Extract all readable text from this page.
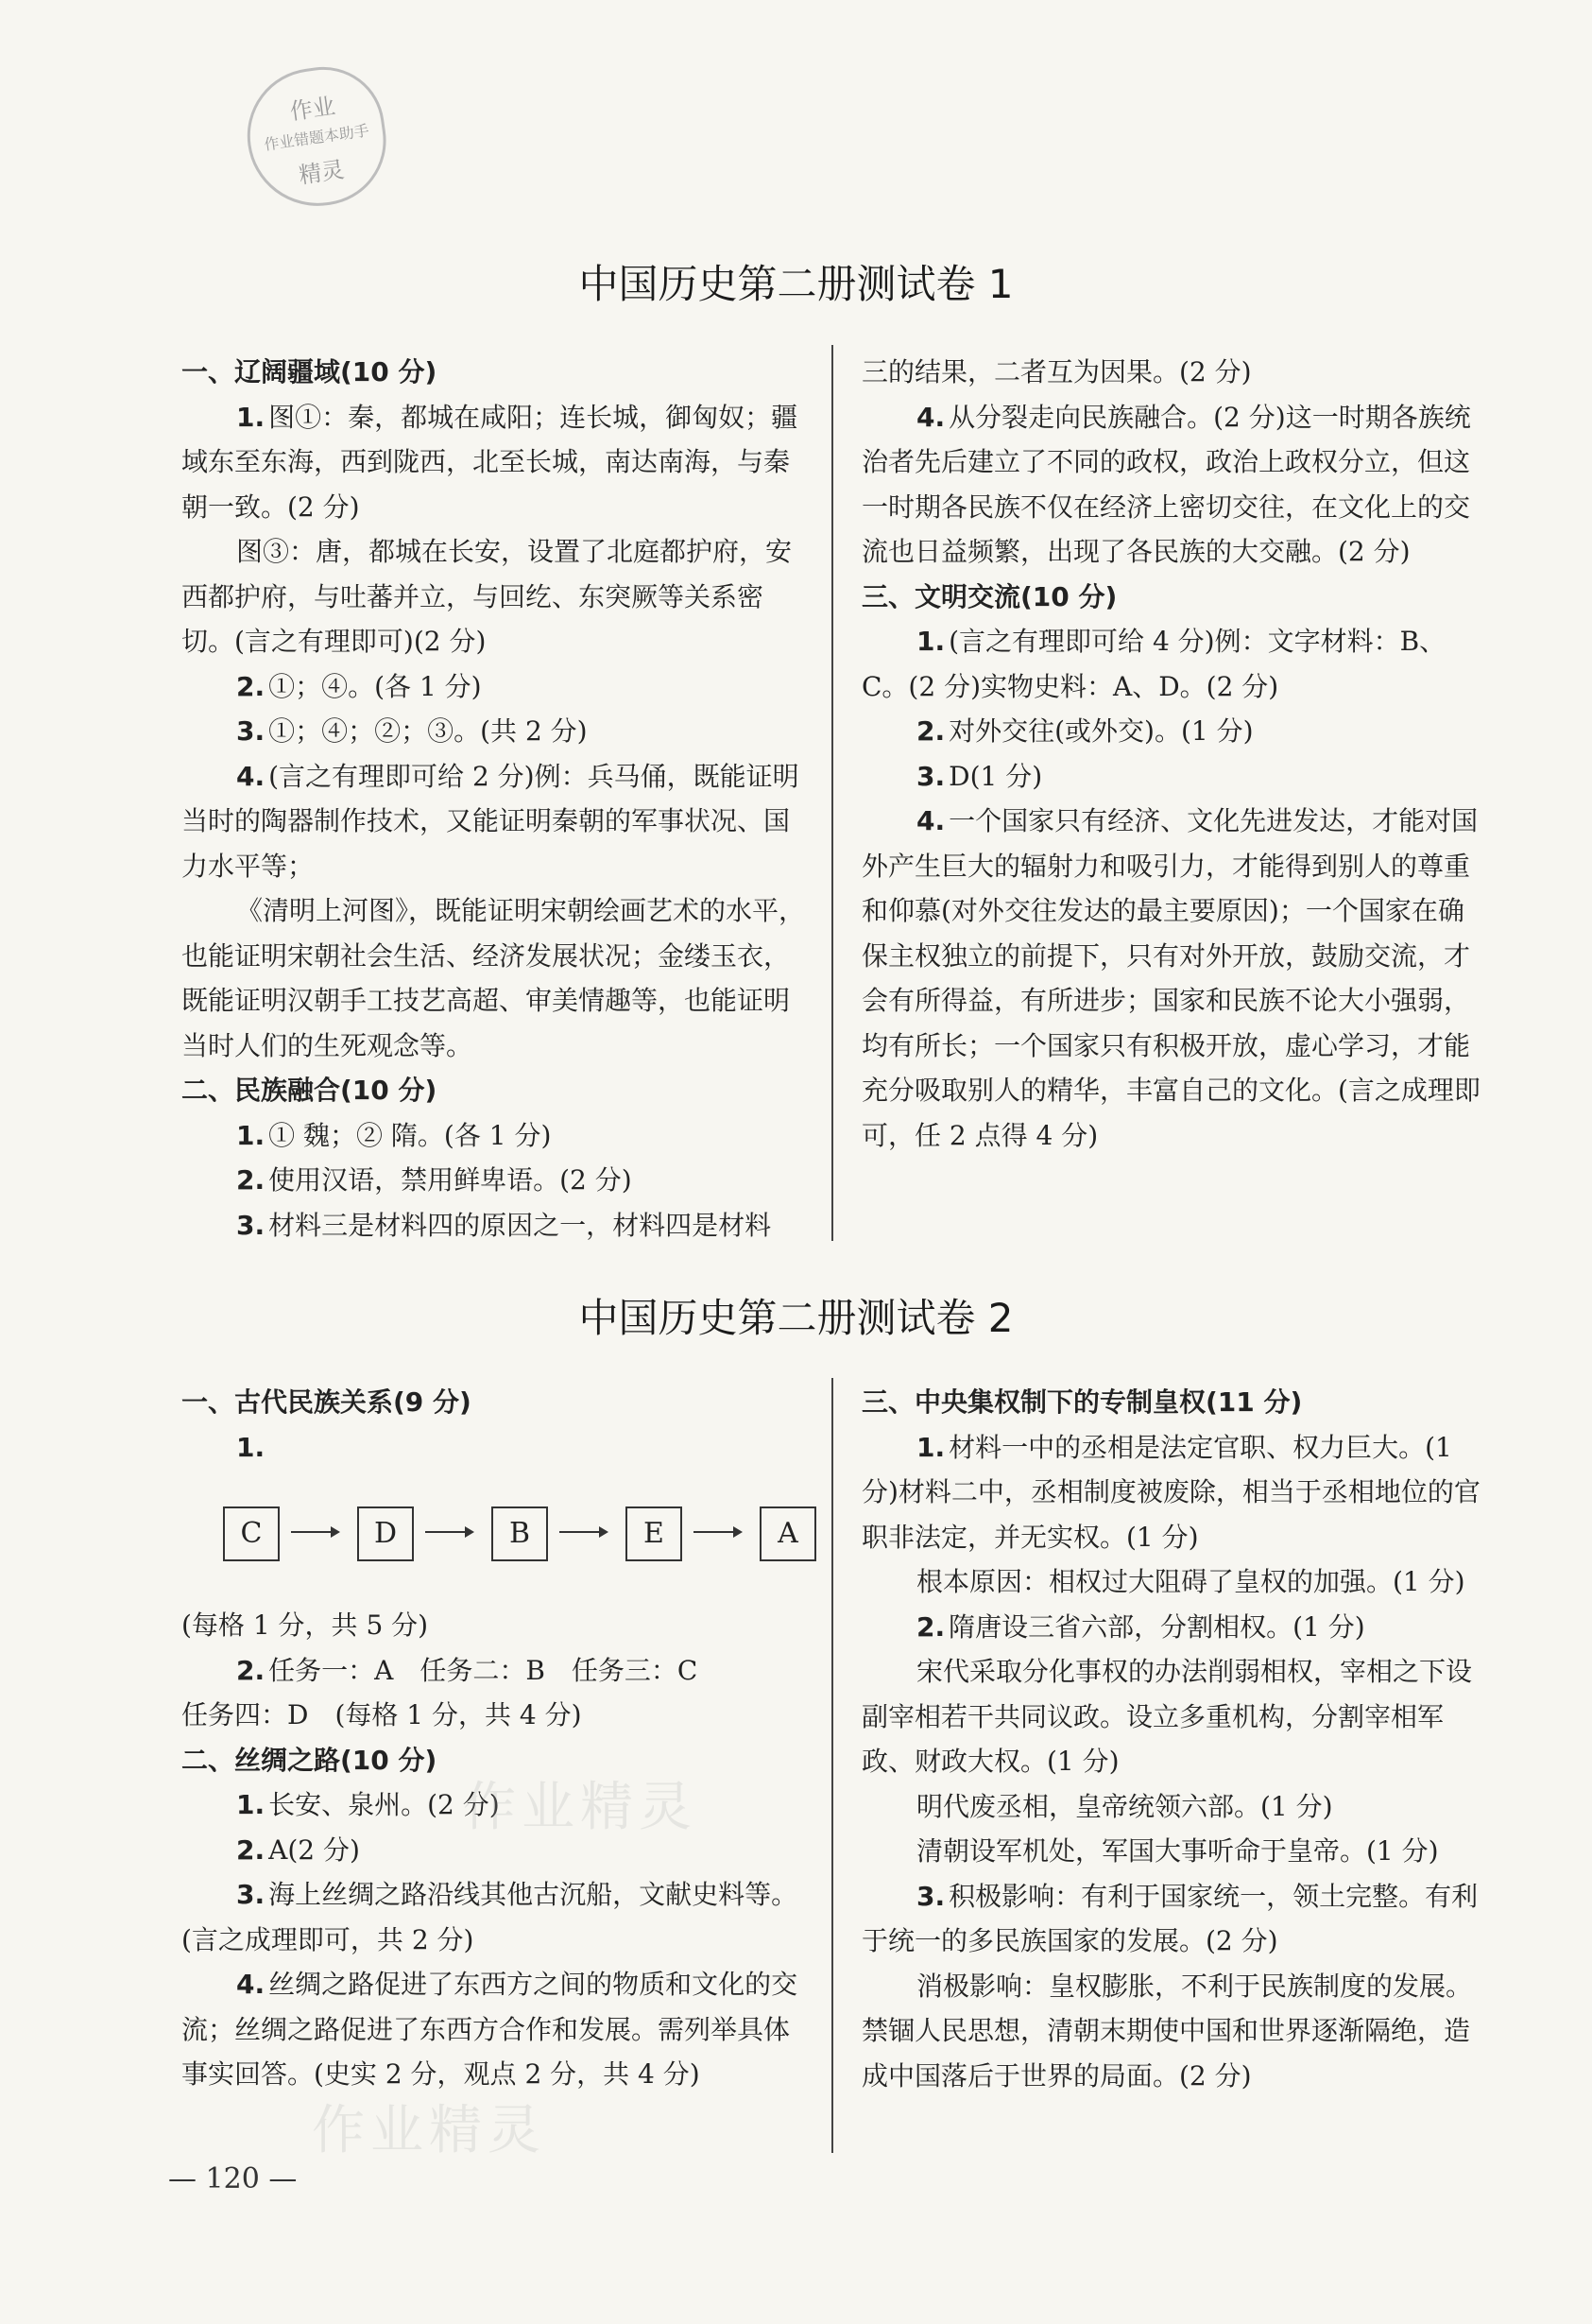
作业
作业错题本助手
精灵
中国历史第二册测试卷 1

一、辽阔疆域(10 分)

1. 图①：秦，都城在咸阳；连长城，御匈奴；疆域东至东海，西到陇西，北至长城，南达南海，与秦朝一致。(2 分)

图③：唐，都城在长安，设置了北庭都护府，安西都护府，与吐蕃并立，与回纥、东突厥等关系密切。(言之有理即可)(2 分)

2. ①；④。(各 1 分)

3. ①；④；②；③。(共 2 分)

4. (言之有理即可给 2 分)例：兵马俑，既能证明当时的陶器制作技术，又能证明秦朝的军事状况、国力水平等；

《清明上河图》，既能证明宋朝绘画艺术的水平，也能证明宋朝社会生活、经济发展状况；金缕玉衣，既能证明汉朝手工技艺高超、审美情趣等，也能证明当时人们的生死观念等。

二、民族融合(10 分)

1. ① 魏；② 隋。(各 1 分)

2. 使用汉语，禁用鲜卑语。(2 分)

3. 材料三是材料四的原因之一，材料四是材料

三的结果，二者互为因果。(2 分)

4. 从分裂走向民族融合。(2 分)这一时期各族统治者先后建立了不同的政权，政治上政权分立，但这一时期各民族不仅在经济上密切交往，在文化上的交流也日益频繁，出现了各民族的大交融。(2 分)

三、文明交流(10 分)

1. (言之有理即可给 4 分)例：文字材料：B、C。(2 分)实物史料：A、D。(2 分)

2. 对外交往(或外交)。(1 分)

3. D(1 分)

4. 一个国家只有经济、文化先进发达，才能对国外产生巨大的辐射力和吸引力，才能得到别人的尊重和仰慕(对外交往发达的最主要原因)；一个国家在确保主权独立的前提下，只有对外开放，鼓励交流，才会有所得益，有所进步；国家和民族不论大小强弱，均有所长；一个国家只有积极开放，虚心学习，才能充分吸取别人的精华，丰富自己的文化。(言之成理即可，任 2 点得 4 分)

中国历史第二册测试卷 2

一、古代民族关系(9 分)

1.

C	D	B	E	A

(每格 1 分，共 5 分)

2. 任务一：A　任务二：B　任务三：C

任务四：D　(每格 1 分，共 4 分)

二、丝绸之路(10 分)

1. 长安、泉州。(2 分)

2. A(2 分)

3. 海上丝绸之路沿线其他古沉船，文献史料等。(言之成理即可，共 2 分)

4. 丝绸之路促进了东西方之间的物质和文化的交流；丝绸之路促进了东西方合作和发展。需列举具体事实回答。(史实 2 分，观点 2 分，共 4 分)

三、中央集权制下的专制皇权(11 分)

1. 材料一中的丞相是法定官职、权力巨大。(1 分)材料二中，丞相制度被废除，相当于丞相地位的官职非法定，并无实权。(1 分)

根本原因：相权过大阻碍了皇权的加强。(1 分)

2. 隋唐设三省六部，分割相权。(1 分)

宋代采取分化事权的办法削弱相权，宰相之下设副宰相若干共同议政。设立多重机构，分割宰相军政、财政大权。(1 分)

明代废丞相，皇帝统领六部。(1 分)

清朝设军机处，军国大事听命于皇帝。(1 分)

3. 积极影响：有利于国家统一，领土完整。有利于统一的多民族国家的发展。(2 分)

消极影响：皇权膨胀，不利于民族制度的发展。禁锢人民思想，清朝末期使中国和世界逐渐隔绝，造成中国落后于世界的局面。(2 分)

作业精灵
作业精灵
— 120 —
